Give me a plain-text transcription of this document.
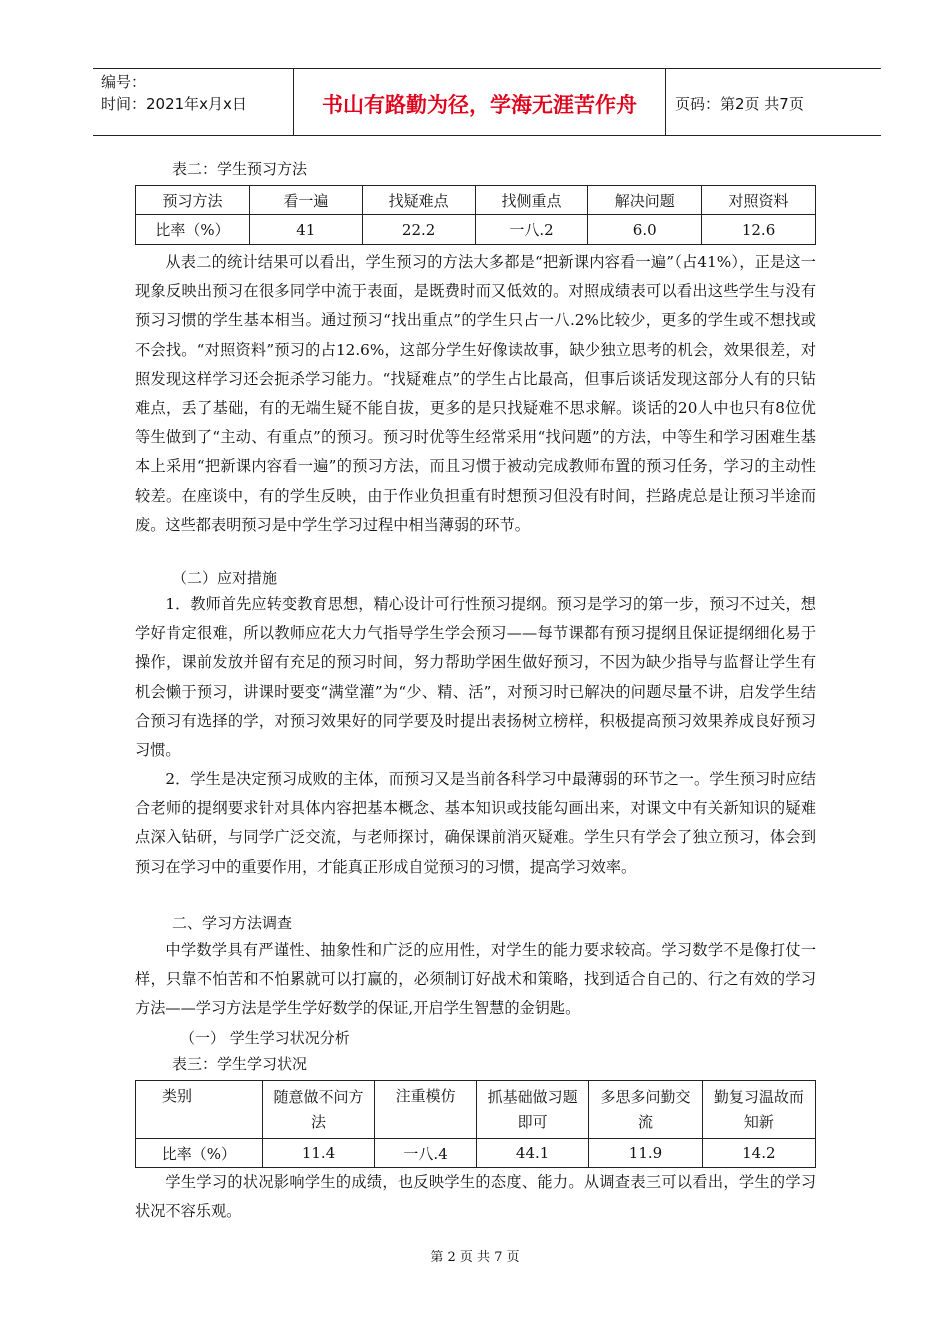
编号：
时间：2021年x月x日	书山有路勤为径，学海无涯苦作舟	页码：第2页 共7页
表二：学生预习方法
预习方法	看一遍	找疑难点	找侧重点	解决问题	对照资料
比率（%）	41	22.2	一八.2	6.0	12.6
从表二的统计结果可以看出，学生预习的方法大多都是“把新课内容看一遍”（占41%），正是这一现象反映出预习在很多同学中流于表面，是既费时而又低效的。对照成绩表可以看出这些学生与没有预习习惯的学生基本相当。通过预习“找出重点”的学生只占一八.2%比较少，更多的学生或不想找或不会找。“对照资料”预习的占12.6%，这部分学生好像读故事，缺少独立思考的机会，效果很差，对照发现这样学习还会扼杀学习能力。“找疑难点”的学生占比最高，但事后谈话发现这部分人有的只钻难点，丢了基础，有的无端生疑不能自拔，更多的是只找疑难不思求解。谈话的20人中也只有8位优等生做到了“主动、有重点”的预习。预习时优等生经常采用“找问题”的方法，中等生和学习困难生基本上采用“把新课内容看一遍”的预习方法，而且习惯于被动完成教师布置的预习任务，学习的主动性较差。在座谈中，有的学生反映，由于作业负担重有时想预习但没有时间，拦路虎总是让预习半途而废。这些都表明预习是中学生学习过程中相当薄弱的环节。
（二）应对措施
1．教师首先应转变教育思想，精心设计可行性预习提纲。预习是学习的第一步，预习不过关，想学好肯定很难，所以教师应花大力气指导学生学会预习——每节课都有预习提纲且保证提纲细化易于操作，课前发放并留有充足的预习时间，努力帮助学困生做好预习，不因为缺少指导与监督让学生有机会懒于预习，讲课时要变“满堂灌”为“少、精、活”，对预习时已解决的问题尽量不讲，启发学生结合预习有选择的学，对预习效果好的同学要及时提出表扬树立榜样，积极提高预习效果养成良好预习习惯。
2．学生是决定预习成败的主体，而预习又是当前各科学习中最薄弱的环节之一。学生预习时应结合老师的提纲要求针对具体内容把基本概念、基本知识或技能勾画出来，对课文中有关新知识的疑难点深入钻研，与同学广泛交流，与老师探讨，确保课前消灭疑难。学生只有学会了独立预习，体会到预习在学习中的重要作用，才能真正形成自觉预习的习惯，提高学习效率。
二、学习方法调查
中学数学具有严谨性、抽象性和广泛的应用性，对学生的能力要求较高。学习数学不是像打仗一样，只靠不怕苦和不怕累就可以打赢的，必须制订好战术和策略，找到适合自己的、行之有效的学习方法——学习方法是学生学好数学的保证,开启学生智慧的金钥匙。
（一） 学生学习状况分析
表三：学生学习状况
类别	随意做不问方法	注重模仿	抓基础做习题即可	多思多问勤交流	勤复习温故而知新
比率（%）	11.4	一八.4	44.1	11.9	14.2
学生学习的状况影响学生的成绩，也反映学生的态度、能力。从调查表三可以看出，学生的学习状况不容乐观。
第 2 页 共 7 页
